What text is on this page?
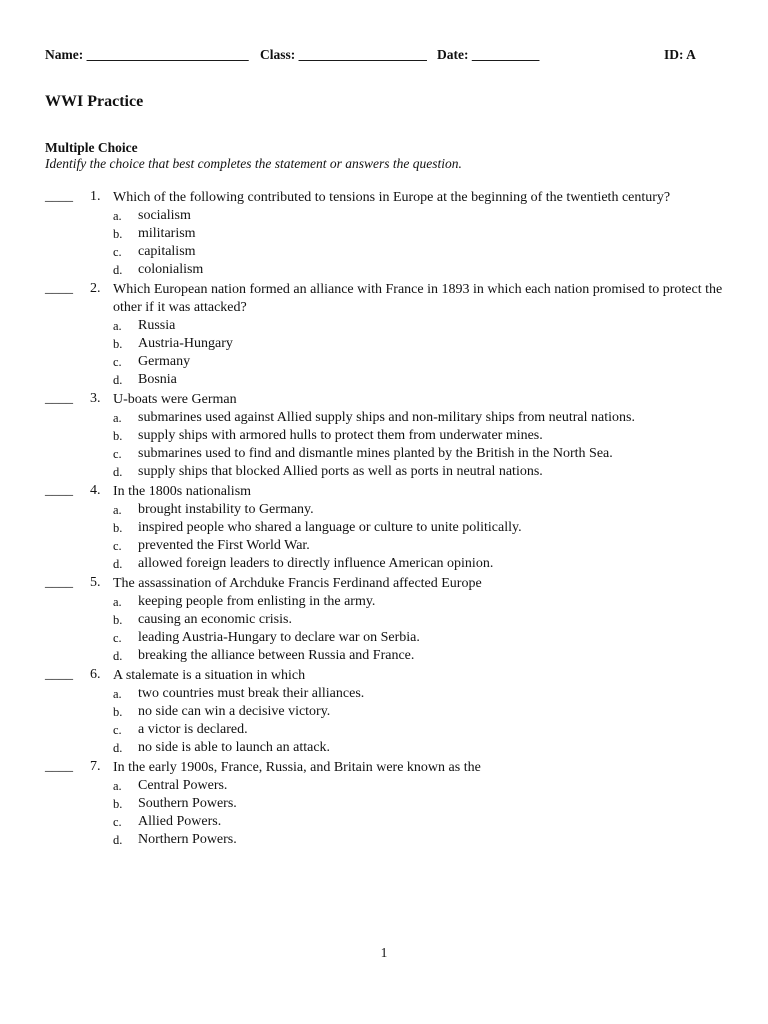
Name: ________________________ Class: ___________________ Date: __________	ID: A
WWI Practice
Multiple Choice
Identify the choice that best completes the statement or answers the question.
____ 1. Which of the following contributed to tensions in Europe at the beginning of the twentieth century?
a. socialism
b. militarism
c. capitalism
d. colonialism
____ 2. Which European nation formed an alliance with France in 1893 in which each nation promised to protect the other if it was attacked?
a. Russia
b. Austria-Hungary
c. Germany
d. Bosnia
____ 3. U-boats were German
a. submarines used against Allied supply ships and non-military ships from neutral nations.
b. supply ships with armored hulls to protect them from underwater mines.
c. submarines used to find and dismantle mines planted by the British in the North Sea.
d. supply ships that blocked Allied ports as well as ports in neutral nations.
____ 4. In the 1800s nationalism
a. brought instability to Germany.
b. inspired people who shared a language or culture to unite politically.
c. prevented the First World War.
d. allowed foreign leaders to directly influence American opinion.
____ 5. The assassination of Archduke Francis Ferdinand affected Europe
a. keeping people from enlisting in the army.
b. causing an economic crisis.
c. leading Austria-Hungary to declare war on Serbia.
d. breaking the alliance between Russia and France.
____ 6. A stalemate is a situation in which
a. two countries must break their alliances.
b. no side can win a decisive victory.
c. a victor is declared.
d. no side is able to launch an attack.
____ 7. In the early 1900s, France, Russia, and Britain were known as the
a. Central Powers.
b. Southern Powers.
c. Allied Powers.
d. Northern Powers.
1
